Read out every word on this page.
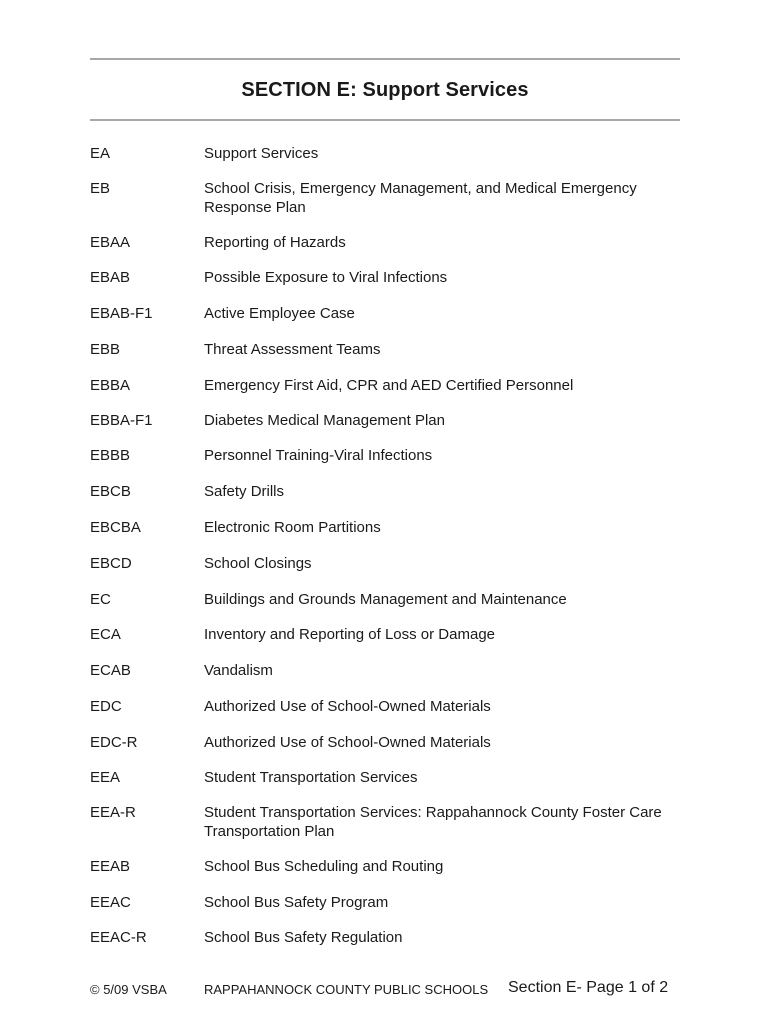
SECTION E: Support Services
EA	Support Services
EB	School Crisis, Emergency Management, and Medical Emergency Response Plan
EBAA	Reporting of Hazards
EBAB	Possible Exposure to Viral Infections
EBAB-F1	Active Employee Case
EBB	Threat Assessment Teams
EBBA	Emergency First Aid, CPR and AED Certified Personnel
EBBA-F1	Diabetes Medical Management Plan
EBBB	Personnel Training-Viral Infections
EBCB	Safety Drills
EBCBA	Electronic Room Partitions
EBCD	School Closings
EC	Buildings and Grounds Management and Maintenance
ECA	Inventory and Reporting of Loss or Damage
ECAB	Vandalism
EDC	Authorized Use of School-Owned Materials
EDC-R	Authorized Use of School-Owned Materials
EEA	Student Transportation Services
EEA-R	Student Transportation Services: Rappahannock County Foster Care Transportation Plan
EEAB	School Bus Scheduling and Routing
EEAC	School Bus Safety Program
EEAC-R	School Bus Safety Regulation
© 5/09 VSBA	RAPPAHANNOCK COUNTY PUBLIC SCHOOLS Section E- Page 1 of 2
